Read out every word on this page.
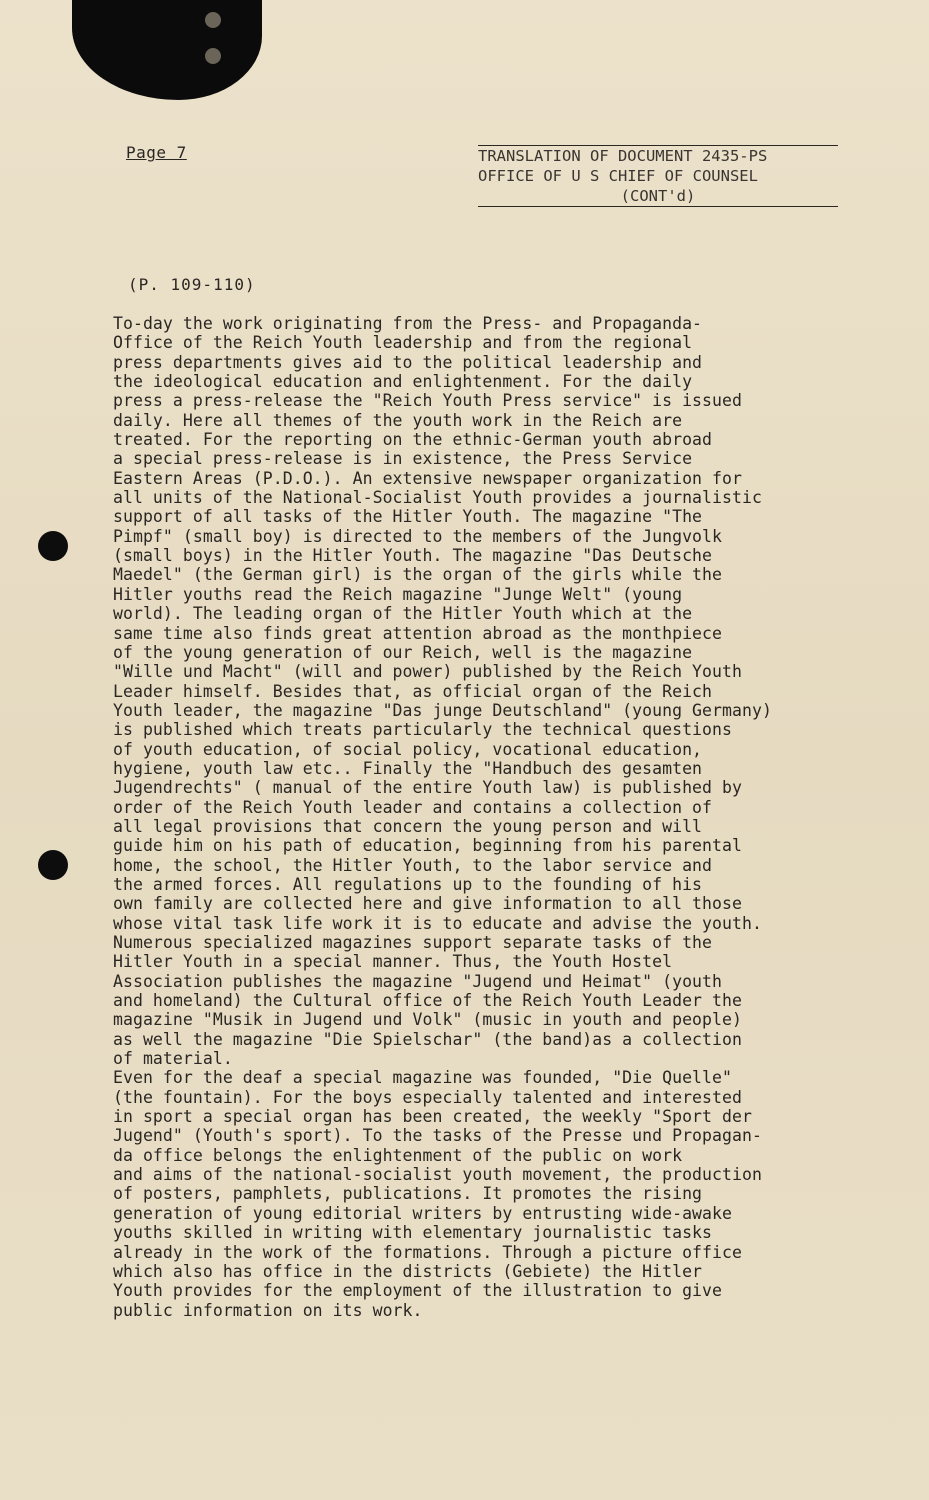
Page 7	TRANSLATION OF DOCUMENT 2435-PS
OFFICE OF U S CHIEF OF COUNSEL
(CONT'd)
(P. 109-110)
To-day the work originating from the Press- and Propaganda-
Office of the Reich Youth leadership and from the regional
press departments gives aid to the political leadership and
the ideological education and enlightenment. For the daily
press a press-release the "Reich Youth Press service" is issued
daily. Here all themes of the youth work in the Reich are
treated. For the reporting on the ethnic-German youth abroad
a special press-release is in existence, the Press Service
Eastern Areas (P.D.O.). An extensive newspaper organization for
all units of the National-Socialist Youth provides a journalistic
support of all tasks of the Hitler Youth. The magazine "The
Pimpf" (small boy) is directed to the members of the Jungvolk
(small boys) in the Hitler Youth. The magazine "Das Deutsche
Maedel" (the German girl) is the organ of the girls while the
Hitler youths read the Reich magazine "Junge Welt" (young
world). The leading organ of the Hitler Youth which at the
same time also finds great attention abroad as the monthpiece
of the young generation of our Reich, well is the magazine
"Wille und Macht" (will and power) published by the Reich Youth
Leader himself. Besides that, as official organ of the Reich
Youth leader, the magazine "Das junge Deutschland" (young Germany)
is published which treats particularly the technical questions
of youth education, of social policy, vocational education,
hygiene, youth law etc.. Finally the "Handbuch des gesamten
Jugendrechts" ( manual of the entire Youth law) is published by
order of the Reich Youth leader and contains a collection of
all legal provisions that concern the young person and will
guide him on his path of education, beginning from his parental
home, the school, the Hitler Youth, to the labor service and
the armed forces. All regulations up to the founding of his
own family are collected here and give information to all those
whose vital task life work it is to educate and advise the youth.
Numerous specialized magazines support separate tasks of the
Hitler Youth in a special manner. Thus, the Youth Hostel
Association publishes the magazine "Jugend und Heimat" (youth
and homeland) the Cultural office of the Reich Youth Leader the
magazine "Musik in Jugend und Volk" (music in youth and people)
as well the magazine "Die Spielschar" (the band)as a collection
of material.
Even for the deaf a special magazine was founded, "Die Quelle"
(the fountain). For the boys especially talented and interested
in sport a special organ has been created, the weekly "Sport der
Jugend" (Youth's sport). To the tasks of the Presse und Propagan-
da office belongs the enlightenment of the public on work
and aims of the national-socialist youth movement, the production
of posters, pamphlets, publications. It promotes the rising
generation of young editorial writers by entrusting wide-awake
youths skilled in writing with elementary journalistic tasks
already in the work of the formations. Through a picture office
which also has office in the districts (Gebiete) the Hitler
Youth provides for the employment of the illustration to give
public information on its work.
